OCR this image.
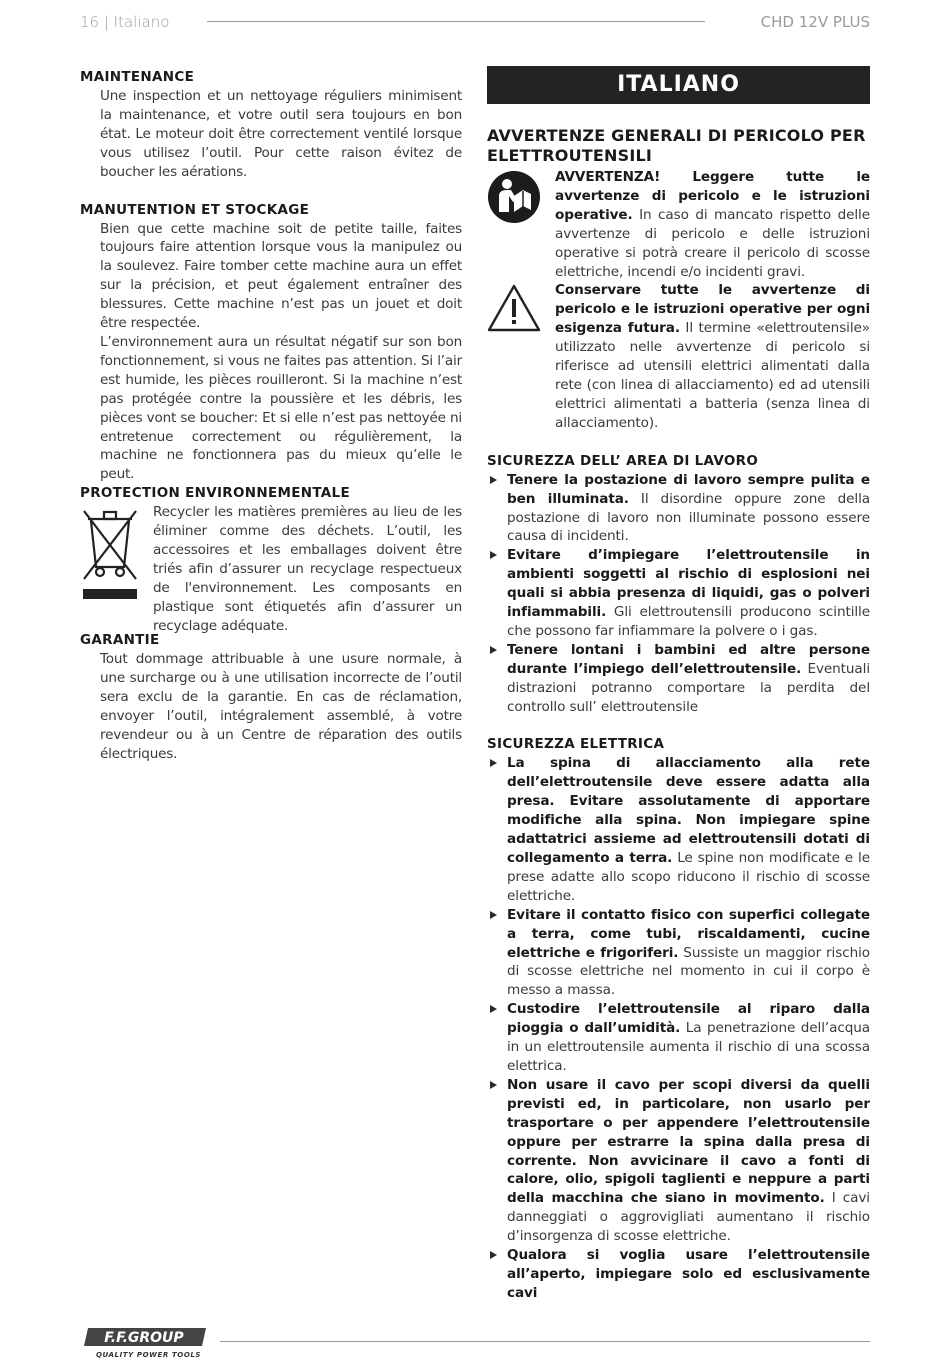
16 | Italiano	CHD 12V PLUS
MAINTENANCE

Une inspection et un nettoyage réguliers minimisent la maintenance, et votre outil sera toujours en bon état. Le moteur doit être correctement ventilé lorsque vous utilisez l’outil. Pour cette raison évitez de boucher les aérations.

MANUTENTION ET STOCKAGE

Bien que cette machine soit de petite taille, faites toujours faire attention lorsque vous la manipulez ou la soulevez. Faire tomber cette machine aura un effet sur la précision, et peut également entraîner des blessures. Cette machine n’est pas un jouet et doit être respectée.

L’environnement aura un résultat négatif sur son bon fonctionnement, si vous ne faites pas attention. Si l’air est humide, les pièces rouilleront. Si la machine n’est pas protégée contre la poussière et les débris, les pièces vont se boucher: Et si elle n’est pas nettoyée ni entretenue correctement ou régulièrement, la machine ne fonctionnera pas du mieux qu’elle le peut.

PROTECTION ENVIRONNEMENTALE
Recycler les matières premières au lieu de les éliminer comme des déchets. L’outil, les accessoires et les emballages doivent être triés afin d’assurer un recyclage respectueux de l'environnement. Les composants en plastique sont étiquetés afin d’assurer un recyclage adéquate.
GARANTIE

Tout dommage attribuable à une usure normale, à une surcharge ou à une utilisation incorrecte de l’outil sera exclu de la garantie. En cas de réclamation, envoyer l’outil, intégralement assemblé, à votre revendeur ou à un Centre de réparation des outils électriques.

ITALIANO
AVVERTENZE GENERALI DI PERICOLO PER ELETTROUTENSILI
AVVERTENZA! Leggere tutte le avvertenze di pericolo e le istruzioni operative. In caso di mancato rispetto delle avvertenze di pericolo e delle istruzioni operative si potrà creare il pericolo di scosse elettriche, incendi e/o incidenti gravi.
Conservare tutte le avvertenze di pericolo e le istruzioni operative per ogni esigenza futura. Il termine «elettroutensile» utilizzato nelle avvertenze di pericolo si riferisce ad utensili elettrici alimentati dalla rete (con linea di allacciamento) ed ad utensili elettrici alimentati a batteria (senza linea di allacciamento).
SICUREZZA DELL’ AREA DI LAVORO
Tenere la postazione di lavoro sempre pulita e ben illuminata. Il disordine oppure zone della postazione di lavoro non illuminate possono essere causa di incidenti.
Evitare d’impiegare l’elettroutensile in ambienti soggetti al rischio di esplosioni nei quali si abbia presenza di liquidi, gas o polveri infiammabili. Gli elettroutensili producono scintille che possono far infiammare la polvere o i gas.
Tenere lontani i bambini ed altre persone durante l’impiego dell’elettroutensile. Eventuali distrazioni potranno comportare la perdita del controllo sull’ elettroutensile
SICUREZZA ELETTRICA
La spina di allacciamento alla rete dell’elettroutensile deve essere adatta alla presa. Evitare assolutamente di apportare modifiche alla spina. Non impiegare spine adattatrici assieme ad elettroutensili dotati di collegamento a terra. Le spine non modificate e le prese adatte allo scopo riducono il rischio di scosse elettriche.
Evitare il contatto fisico con superfici collegate a terra, come tubi, riscaldamenti, cucine elettriche e frigoriferi. Sussiste un maggior rischio di scosse elettriche nel momento in cui il corpo è messo a massa.
Custodire l’elettroutensile al riparo dalla pioggia o dall’umidità. La penetrazione dell’acqua in un elettroutensile aumenta il rischio di una scossa elettrica.
Non usare il cavo per scopi diversi da quelli previsti ed, in particolare, non usarlo per trasportare o per appendere l’elettroutensile oppure per estrarre la spina dalla presa di corrente. Non avvicinare il cavo a fonti di calore, olio, spigoli taglienti e neppure a parti della macchina che siano in movimento. I cavi danneggiati o aggrovigliati aumentano il rischio d’insorgenza di scosse elettriche.
Qualora si voglia usare l’elettroutensile all’aperto, impiegare solo ed esclusivamente cavi
F.F.GROUP
QUALITY POWER TOOLS
